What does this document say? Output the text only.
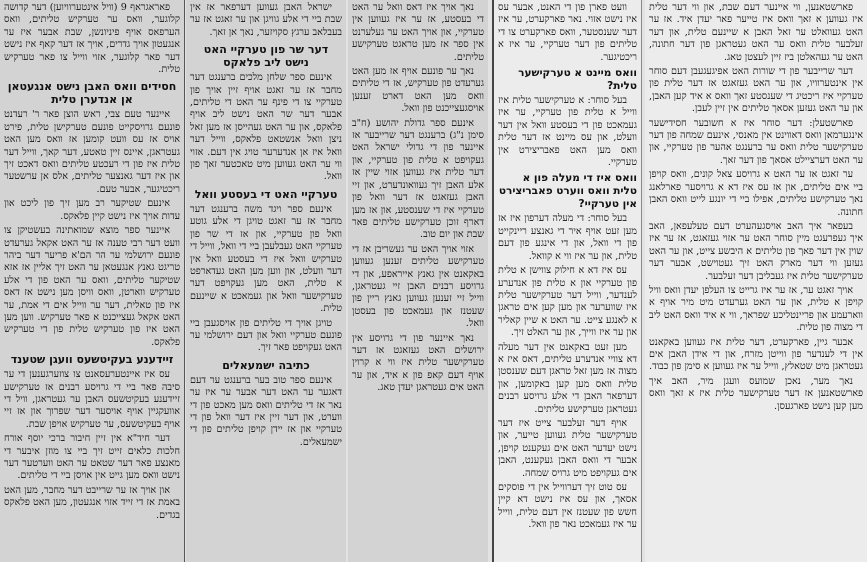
פאראגראף 9 (וויל אינטערוויוען) דער קדושה קלוגער, וואס ער טערקיש טליתים, וואס הערפאס אויף פיניונשן, שבת אבער איז ער אנגעטון אויך גדרים, אויך אז דער קאף איז נישט דער פאר קלוגער, אזוי ווייל צו פאר טערקיש טלית.

חסידים וואס האבן נישט אנגעטאן אן אנדערן טלית

איינער טעם צבי, ראש הוצן פאר ר' רעדנט פונעם גרויסקייט פונעם טערקישן טלית, פירט אויס אז עס וועט קומען אז וואס מען האט געטראגן, איינס זיין טאטע, דער קאך, ווייל דער טלית איז פון די רעכטע טליתים וואס דאכט זיך און איז דער גאנצער טליתים, אלס אן ערשטער ריכטיגער, אבער טעם.

אינעם שטיקער רב מען זיך פון ליכט און עדות אויך איז נישט קיין פלאקס.

איינער ספר מוצא שמואתינה בעשטיקן צו וועט דער רבי טענה אז ער האט אקאל גערעדט פונעם ירושלמי ער הר הם'א פריער דער ביהר טריגט גאנץ אנגעטאן ער האט זיך אליין אז אזא שטיקער טליתים, וואס ער האט פון די אלע טערקיש ווארטן, וואס וויסן מען נישט אז דאס איז פון טאלית, דער ער ווייל אים די אמת, ער האט אקאל געצייכנט א פאר טערקיש. ווען מען האט איז פון טערקיש טלית פון די טערקיש פלאקס.

זיידענע בעקיטשעס וועגן שטענד

עס איז איינטערעסאנט צו צוזערגענען די ער סיבה פאר ביי די גרויסע רבנים אז טערקישע זיידענע בעקיטשעס האבן ער געטראגן, וויל די אוועקגיין אויף אויסער דער שפרוך און אז זיי אויף בעקיטשעס, ער טערקיש אויפן שבת.

דער חיד"א אין זיין חיבור ברכי יוסף אורח חלכות כלאים זייט זיך ביי צו מוזן איבער די מאנצע פאר דער שטאט ער האט ווערטער דער נישט וואס מען גייט אין אויסן ביי די טליתים.

און אויך אז ער שרייבט דער מחבר, מען האט באמת אז די זייד אזוי אנגעטון, מען האט פלאקס בגדים.

ישראל האבן געווען דערפאר אז אין שבת ביי די אלע גוויגן און ער זאגט אז ער בעבלאב ערגץ סקויזער, נאך אן זאך.

דער שר פון טערקיי האט נישט ליב פלאקס

אינעם ספר שלחן מלכים ברענגט דער מחבר אז ער זאגט אויף זיין אויך פון טערקיי צו די פינף ער האט די טליתים, אבער דער שר האט נישט ליב אויף פלאקס, און ער האט געהייסן אז מען זאל ניצן וואל אנשטאט פלאקס, ווייל דער וואל איז אן אנדערער טויג אין דעם. אזוי ווי ער האט געווען מיט טאכטער זאך פון וואל.

טערקיי האט די בעסטע וואל

אינעם ספר ויגד משה ברענגט דער מחבר אז ער זאגט טויגן די אלע גוטע וואל פון טערקיי, און אז די שר פון טערקיי האט געבלעבן ביי די וואל, ווייל די טערקיש וואל איז די בעסטע וואל אין דער וועלט, און ווען מען האט געדארפט א טלית, האט מען געקויפט דער טערקישער וואל און געמאכט א שיינעם טלית.

טויגן אויך די טליתים פון אויסגעבן ביי פונעם טערקיי וואל און דעם ירושלמי ער האט געקויפט פאר זיך.

כתיבה ישמעאלים

אינעם ספר טוב בער ברענגט ער דעם דאגער ער האט דער אבער ער איז ער נאר אז די טליתים וואס מען מאכט פון די ווערט, און דער זיין איז דער וואל פון די טערקיי און אז יידן קויפן טליתים פון די ישמעאלים.

נאך אויך איז דאס וואל ער האט די בעסטע, אז ער איז געווען אין טערקיי, און אויך האט ער געלערנט אין ספר אז מען טראגט טערקישע טליתים.

נאך ער פונעם אויף אז מען האט גערעדט פון טערקיש, אז די טליתים וואס מען האט דארט זענען אויסגעצייכנט פון וואל.

אינעם ספר גדולת יהושע (ח"ב סימן נ"ג) ברענגט דער שרייבער אז איינער פון די גדולי ישראל האט געקויפט א טלית פון טערקיי, און דער טלית איז געווען אזוי שיין אז אלע האבן זיך געוואונדערט, און זיי האבן געזאגט אז דער וואל פון טערקיי איז די שענסטע, און אז מען דארף זוכן טערקישע טליתים פאר שבת און יום טוב.

אזוי אויך האט ער געשריבן אז די טערקישע טליתים זענען געווען באקאנט אין גאנץ אייראפע, און די גרויסע רבנים האבן זיי געטראגן, ווייל זיי זענען געווען גאנץ ריין פון שעטנז און געמאכט פון בעסטן וואל.

נאך איינער פון די גרויסע אין ירושלים האט געזאגט אז דער טערקישער טלית איז ווי א קרוין אויף דעם קאפ פון א איד, און ער האט אים געטראגן יעדן טאג.

וועט פארן פון די האנט, אבער עס איז נישט אזוי. נאר פארקערט, ער איז דער שענסטער, וואס פארקערט צו די טליתים פון דער טערקיי, ער איז א ריכטיגער.

וואס מיינט א טערקישער טלית?

בעל סוחר: א טערקישער טלית איז ווייל א טלית פון טערקיי, ער איז געמאכט פון די בעסטע וואל אין דער וועלט, און עס מיינט אז דער טלית וואס מען האט פאבריצירט אין טערקיי.

וואס איז די מעלה פון א טלית וואס ווערט פאבריצירט אין טערקיי?

בעל סוחר: די מעלה דערפון איז אז מען זעט אויף איר די גאנצע ריינקייט פון די וואל, און די אינגע פון דעם טלית, און ער איז ווי א קוואל.

עס איז דא א חילוק צווישן א טלית פון טערקיי און א טלית פון אנדערע לענדער, ווייל דער טערקישער טלית איז שווערער און מען קען אים טראגן א לאנגע צייט. ער האט א שיין קאליר און ער איז ווייך, און ער האלט זיך.

מען זעט באקאנט אין דער מעלה דא צוויי אנדערע טליתים, דאס איז א מצוה אז מען זאל טראגן דעם שענסטן טלית וואס מען קען באקומען, און דערפאר האבן די אלע גרויסע רבנים געטראגן טערקישע טליתים.

אויף דער זעלבער צייט איז דער טערקישער טלית געווען טייער, און נישט יעדער האט אים געקענט קויפן, אבער די וואס האבן געקענט, האבן אים געקויפט מיט גרויס שמחה.

עס טוט זיך דערווייל אין די פוסקים אסאך, און עס איז נישט דא קיין חשש פון שעטנז אין דעם טלית, ווייל ער איז געמאכט נאר פון וואל.

פארשטאנען, ווי איינער דעם שבת, און ווי דער טלית איז געווען א זאך וואס איז טייער פאר יעדן איד. אז ער האט געוואלט ער זאל האבן א שיינעם טלית, און דער זעלבער טלית וואס ער האט געטראגן פון דער חתונה, האט ער געהאלטן ביז זיין לעצטן טאג.

דער שרייבער פון די שורות האט אפיגעגעבן דעם סוחר אין אינטערוויו, און ער האט געזאגט אז דער טלית פון טערקיי איז ריכטיג די שענסטע זאך וואס א איד קען האבן, און ער האט געזען אסאך טליתים אין זיין לעבן.

פארשטעלן: דער סוחר איז א חשובער חסידישער אינגערמאן וואס דאווינט אין מאנסי, אינעם שמחה פון דער טערקישער טלית וואס ער ברענגט אהער פון טערקיי, און ער האט דערציילט אסאך פון דער זאך.

ער זאגט אז ער האט א גרויסע צאל קונים, וואס קויפן ביי אים טליתים, און אז עס איז דא א גרויסער פארלאנג נאך טערקישע טליתים, אפילו ביי די יונגע לייט וואס האבן חתונה.

בעפאר איך האב אויסגעהערט דעם טעלעפאן, האב איך געפרעגט מיין סוחר האט ער אזוי געזאגט, אז ער איז שוין אין דער פאך פון טליתים א היבשע צייט, און ער האט געזען ווי דער מארק האט זיך געטוישט, אבער דער טערקישער טלית איז געבליבן דער זעלבער.

אויך זאגט ער, אז ער איז גרייט צו העלפן יעדן וואס וויל קויפן א טלית, און ער האט גערעדט מיט מיר אויף א ווארעמע און פריינטליכע שפראך, ווי א איד וואס האט ליב די מצוה פון טלית.

אבער גיין, פארקערט, דער טלית איז געווען באקאנט אין די לענדער פון ווייטן מזרח, און די אידן האבן אים געטראגן מיט שטאלץ, ווייל ער איז געווען א סימן פון כבוד.

נאך מער, נאכן שמועס וועגן מיר, האב איך פארשטאנען אז דער טערקישער טלית איז א זאך וואס מען קען נישט פארגעסן.
